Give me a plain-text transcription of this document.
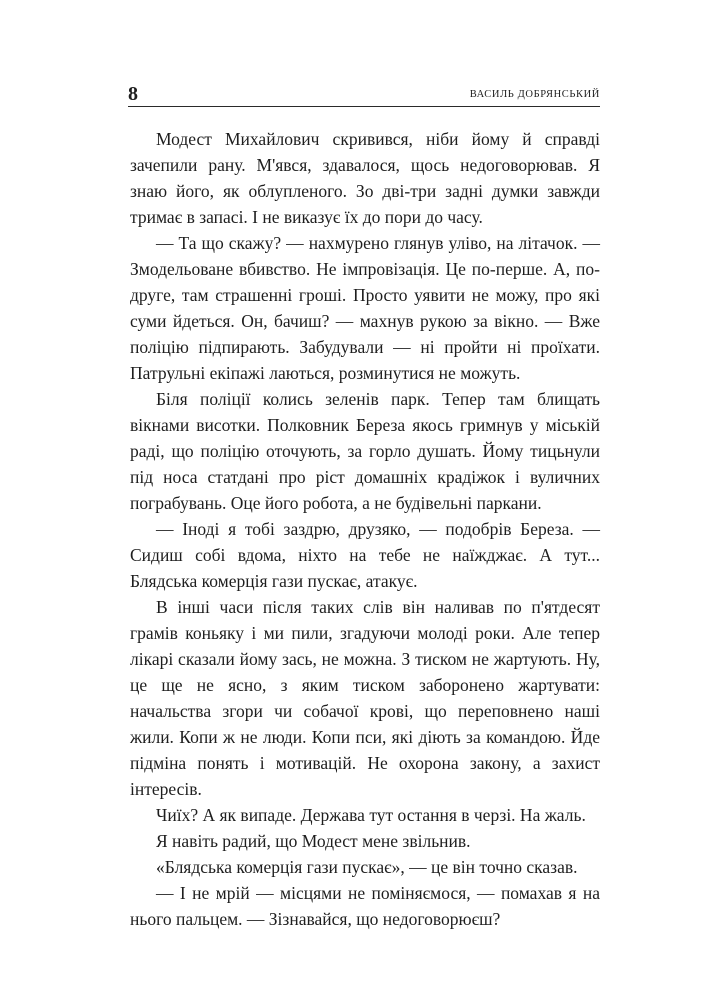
8	ВАСИЛЬ ДОБРЯНСЬКИЙ

Модест Михайлович скривився, ніби йому й справді зачепили рану. М'явся, здавалося, щось недоговорював. Я знаю його, як облупленого. Зо дві-три задні думки завжди тримає в запасі. І не виказує їх до пори до часу.

— Та що скажу? — нахмурено глянув уліво, на літачок. — Змодельоване вбивство. Не імпровізація. Це по-перше. А, по-друге, там страшенні гроші. Просто уявити не можу, про які суми йдеться. Он, бачиш? — махнув рукою за вікно. — Вже поліцію підпирають. Забудували — ні пройти ні проїхати. Патрульні екіпажі лаються, розминутися не можуть.

Біля поліції колись зеленів парк. Тепер там блищать вікнами висотки. Полковник Береза якось гримнув у міській раді, що поліцію оточують, за горло душать. Йому тицьнули під носа статдані про ріст домашніх крадіжок і вуличних пограбувань. Оце його робота, а не будівельні паркани.

— Іноді я тобі заздрю, друзяко, — подобрів Береза. — Сидиш собі вдома, ніхто на тебе не наїжджає. А тут... Блядська комерція гази пускає, атакує.

В інші часи після таких слів він наливав по п'ятдесят грамів коньяку і ми пили, згадуючи молоді роки. Але тепер лікарі сказали йому зась, не можна. З тиском не жартують. Ну, це ще не ясно, з яким тиском заборонено жартувати: начальства згори чи собачої крові, що переповнено наші жили. Копи ж не люди. Копи пси, які діють за командою. Йде підміна понять і мотивацій. Не охорона закону, а захист інтересів.

Чиїх? А як випаде. Держава тут остання в черзі. На жаль.

Я навіть радий, що Модест мене звільнив.

«Блядська комерція гази пускає», — це він точно сказав.

— І не мрій — місцями не поміняємося, — помахав я на нього пальцем. — Зізнавайся, що недоговорюєш?
